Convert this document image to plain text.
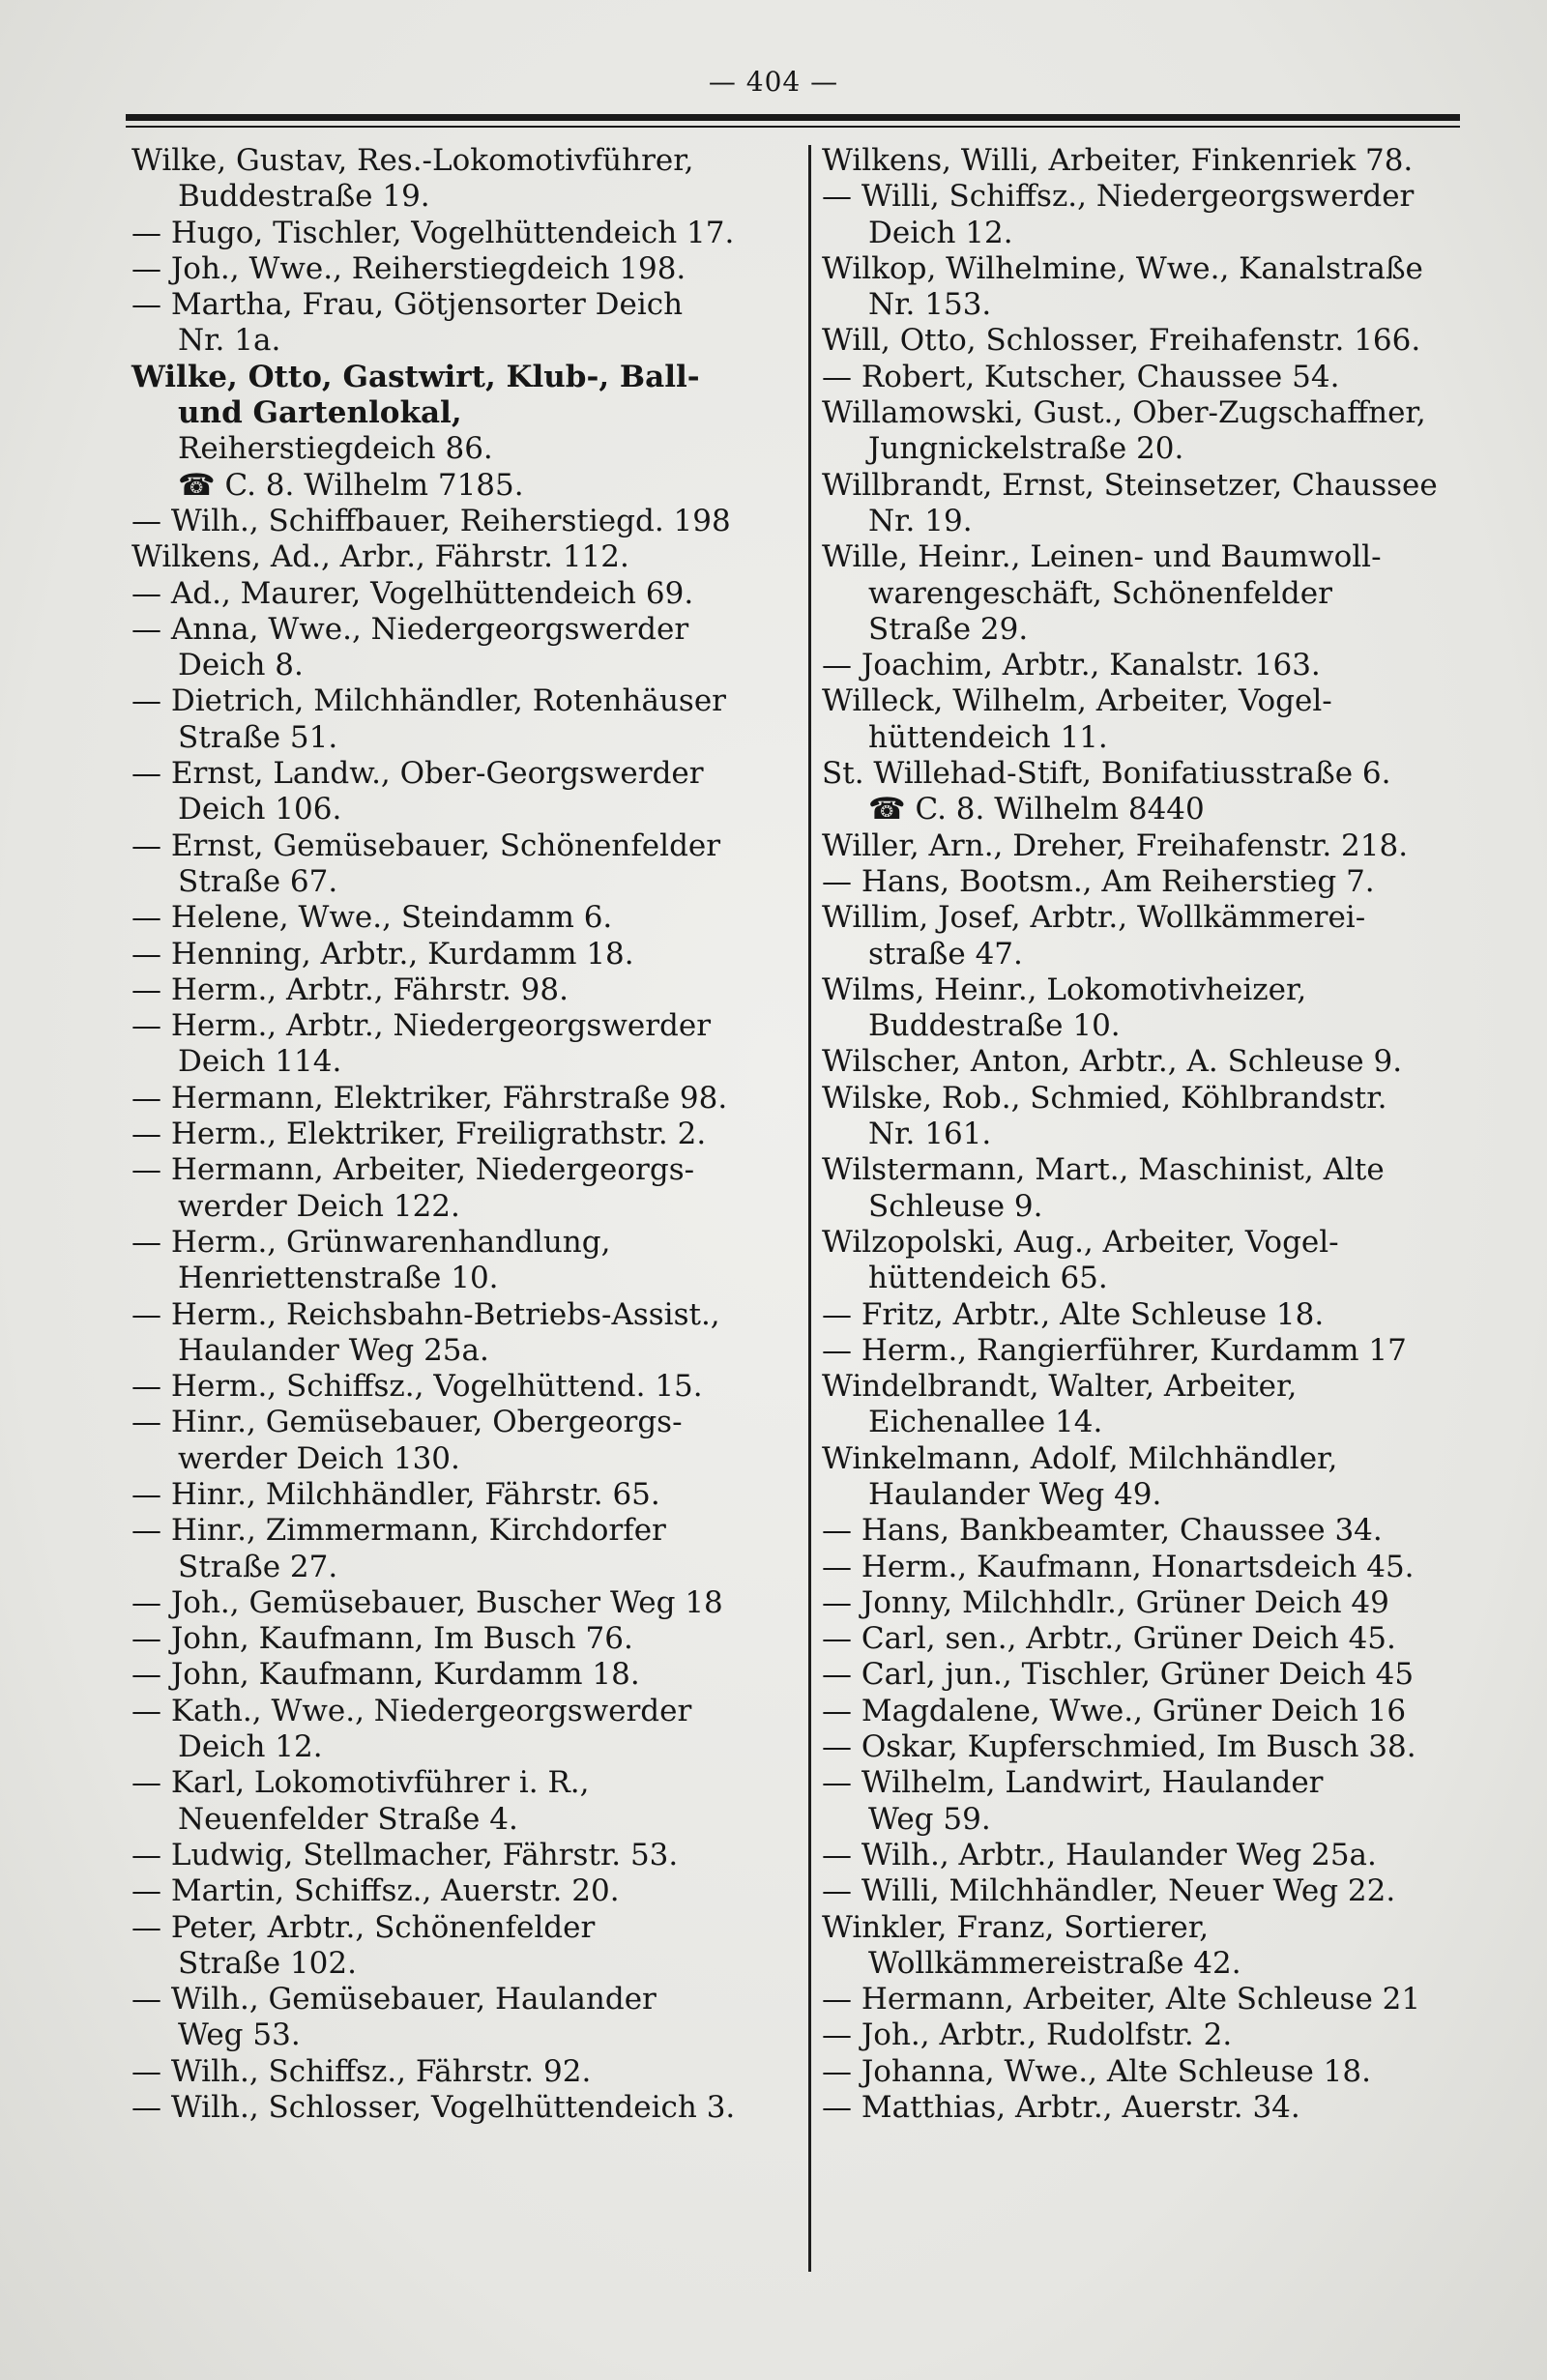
— 404 —
Wilke, Gustav, Res.-Lokomotivführer,
Buddestraße 19.
— Hugo, Tischler, Vogelhüttendeich 17.
— Joh., Wwe., Reiherstiegdeich 198.
— Martha, Frau, Götjensorter Deich
Nr. 1a.
Wilke, Otto, Gastwirt, Klub-, Ball-
und Gartenlokal,
Reiherstiegdeich 86.
☎ C. 8. Wilhelm 7185.
— Wilh., Schiffbauer, Reiherstiegd. 198
Wilkens, Ad., Arbr., Fährstr. 112.
— Ad., Maurer, Vogelhüttendeich 69.
— Anna, Wwe., Niedergeorgswerder
Deich 8.
— Dietrich, Milchhändler, Rotenhäuser
Straße 51.
— Ernst, Landw., Ober-Georgswerder
Deich 106.
— Ernst, Gemüsebauer, Schönenfelder
Straße 67.
— Helene, Wwe., Steindamm 6.
— Henning, Arbtr., Kurdamm 18.
— Herm., Arbtr., Fährstr. 98.
— Herm., Arbtr., Niedergeorgswerder
Deich 114.
— Hermann, Elektriker, Fährstraße 98.
— Herm., Elektriker, Freiligrathstr. 2.
— Hermann, Arbeiter, Niedergeorgs-
werder Deich 122.
— Herm., Grünwarenhandlung,
Henriettenstraße 10.
— Herm., Reichsbahn-Betriebs-Assist.,
Haulander Weg 25a.
— Herm., Schiffsz., Vogelhüttend. 15.
— Hinr., Gemüsebauer, Obergeorgs-
werder Deich 130.
— Hinr., Milchhändler, Fährstr. 65.
— Hinr., Zimmermann, Kirchdorfer
Straße 27.
— Joh., Gemüsebauer, Buscher Weg 18
— John, Kaufmann, Im Busch 76.
— John, Kaufmann, Kurdamm 18.
— Kath., Wwe., Niedergeorgswerder
Deich 12.
— Karl, Lokomotivführer i. R.,
Neuenfelder Straße 4.
— Ludwig, Stellmacher, Fährstr. 53.
— Martin, Schiffsz., Auerstr. 20.
— Peter, Arbtr., Schönenfelder
Straße 102.
— Wilh., Gemüsebauer, Haulander
Weg 53.
— Wilh., Schiffsz., Fährstr. 92.
— Wilh., Schlosser, Vogelhüttendeich 3.
Wilkens, Willi, Arbeiter, Finkenriek 78.
— Willi, Schiffsz., Niedergeorgswerder
Deich 12.
Wilkop, Wilhelmine, Wwe., Kanalstraße
Nr. 153.
Will, Otto, Schlosser, Freihafenstr. 166.
— Robert, Kutscher, Chaussee 54.
Willamowski, Gust., Ober-Zugschaffner,
Jungnickelstraße 20.
Willbrandt, Ernst, Steinsetzer, Chaussee
Nr. 19.
Wille, Heinr., Leinen- und Baumwoll-
warengeschäft, Schönenfelder
Straße 29.
— Joachim, Arbtr., Kanalstr. 163.
Willeck, Wilhelm, Arbeiter, Vogel-
hüttendeich 11.
St. Willehad-Stift, Bonifatiusstraße 6.
☎ C. 8. Wilhelm 8440
Willer, Arn., Dreher, Freihafenstr. 218.
— Hans, Bootsm., Am Reiherstieg 7.
Willim, Josef, Arbtr., Wollkämmerei-
straße 47.
Wilms, Heinr., Lokomotivheizer,
Buddestraße 10.
Wilscher, Anton, Arbtr., A. Schleuse 9.
Wilske, Rob., Schmied, Köhlbrandstr.
Nr. 161.
Wilstermann, Mart., Maschinist, Alte
Schleuse 9.
Wilzopolski, Aug., Arbeiter, Vogel-
hüttendeich 65.
— Fritz, Arbtr., Alte Schleuse 18.
— Herm., Rangierführer, Kurdamm 17
Windelbrandt, Walter, Arbeiter,
Eichenallee 14.
Winkelmann, Adolf, Milchhändler,
Haulander Weg 49.
— Hans, Bankbeamter, Chaussee 34.
— Herm., Kaufmann, Honartsdeich 45.
— Jonny, Milchhdlr., Grüner Deich 49
— Carl, sen., Arbtr., Grüner Deich 45.
— Carl, jun., Tischler, Grüner Deich 45
— Magdalene, Wwe., Grüner Deich 16
— Oskar, Kupferschmied, Im Busch 38.
— Wilhelm, Landwirt, Haulander
Weg 59.
— Wilh., Arbtr., Haulander Weg 25a.
— Willi, Milchhändler, Neuer Weg 22.
Winkler, Franz, Sortierer,
Wollkämmereistraße 42.
— Hermann, Arbeiter, Alte Schleuse 21
— Joh., Arbtr., Rudolfstr. 2.
— Johanna, Wwe., Alte Schleuse 18.
— Matthias, Arbtr., Auerstr. 34.
